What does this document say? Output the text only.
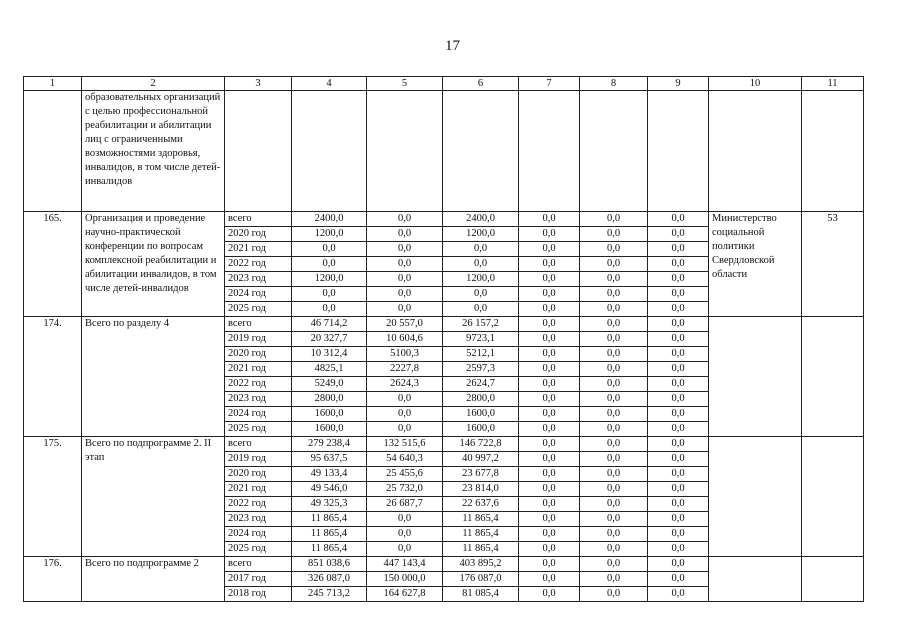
17
1	2	3	4	5	6	7	8	9	10	11
	образовательных организаций с целью профессиональной реабилитации и абилитации лиц с ограниченными возможностями здоровья, инвалидов, в том числе детей-инвалидов									
165.	Организация и проведение научно-практической конференции по вопросам комплексной реабилитации и абилитации инвалидов, в том числе детей-инвалидов	всего	2400,0	0,0	2400,0	0,0	0,0	0,0	Министерство социальной политики Свердловской области	53
		2020 год	1200,0	0,0	1200,0	0,0	0,0	0,0		
		2021 год	0,0	0,0	0,0	0,0	0,0	0,0		
		2022 год	0,0	0,0	0,0	0,0	0,0	0,0		
		2023 год	1200,0	0,0	1200,0	0,0	0,0	0,0		
		2024 год	0,0	0,0	0,0	0,0	0,0	0,0		
		2025 год	0,0	0,0	0,0	0,0	0,0	0,0		
174.	Всего по разделу 4	всего	46 714,2	20 557,0	26 157,2	0,0	0,0	0,0		
		2019 год	20 327,7	10 604,6	9723,1	0,0	0,0	0,0		
		2020 год	10 312,4	5100,3	5212,1	0,0	0,0	0,0		
		2021 год	4825,1	2227,8	2597,3	0,0	0,0	0,0		
		2022 год	5249,0	2624,3	2624,7	0,0	0,0	0,0		
		2023 год	2800,0	0,0	2800,0	0,0	0,0	0,0		
		2024 год	1600,0	0,0	1600,0	0,0	0,0	0,0		
		2025 год	1600,0	0,0	1600,0	0,0	0,0	0,0		
175.	Всего по подпрограмме 2. II этап	всего	279 238,4	132 515,6	146 722,8	0,0	0,0	0,0		
		2019 год	95 637,5	54 640,3	40 997,2	0,0	0,0	0,0		
		2020 год	49 133,4	25 455,6	23 677,8	0,0	0,0	0,0		
		2021 год	49 546,0	25 732,0	23 814,0	0,0	0,0	0,0		
		2022 год	49 325,3	26 687,7	22 637,6	0,0	0,0	0,0		
		2023 год	11 865,4	0,0	11 865,4	0,0	0,0	0,0		
		2024 год	11 865,4	0,0	11 865,4	0,0	0,0	0,0		
		2025 год	11 865,4	0,0	11 865,4	0,0	0,0	0,0		
176.	Всего по подпрограмме 2	всего	851 038,6	447 143,4	403 895,2	0,0	0,0	0,0		
		2017 год	326 087,0	150 000,0	176 087,0	0,0	0,0	0,0		
		2018 год	245 713,2	164 627,8	81 085,4	0,0	0,0	0,0		
